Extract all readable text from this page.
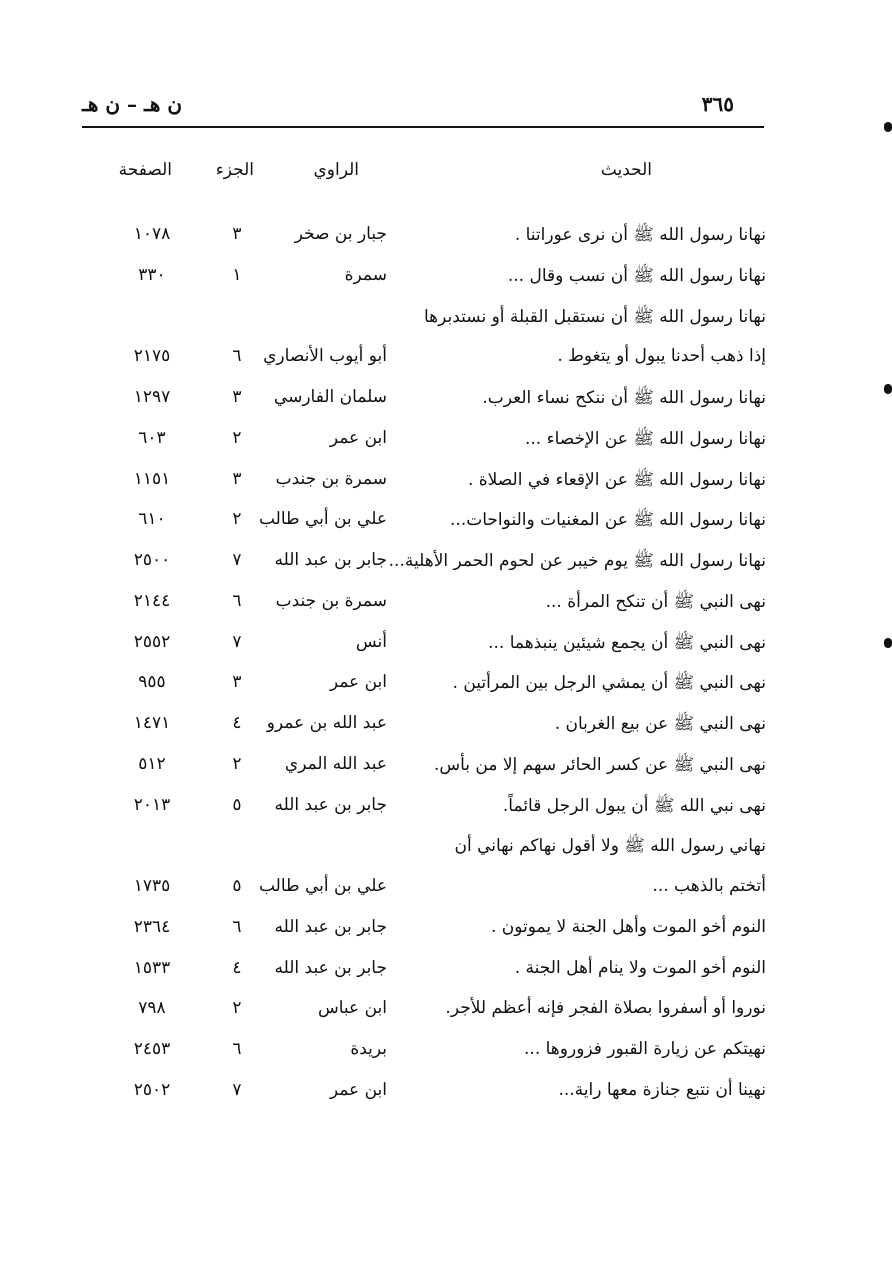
٣٦٥
ن هـ – ن هـ
الحديث
الراوي
الجزء
الصفحة
نهانا رسول الله ﷺ أن نرى عوراتنا .
جبار بن صخر
٣
١٠٧٨
نهانا رسول الله ﷺ أن نسب وقال ...
سمرة
١
٣٣٠
نهانا رسول الله ﷺ أن نستقبل القبلة أو نستدبرها
إذا ذهب أحدنا يبول أو يتغوط .
أبو أيوب الأنصاري
٦
٢١٧٥
نهانا رسول الله ﷺ أن ننكح نساء العرب.
سلمان الفارسي
٣
١٢٩٧
نهانا رسول الله ﷺ عن الإخصاء ...
ابن عمر
٢
٦٠٣
نهانا رسول الله ﷺ عن الإقعاء في الصلاة .
سمرة بن جندب
٣
١١٥١
نهانا رسول الله ﷺ عن المغنيات والنواحات...
علي بن أبي طالب
٢
٦١٠
نهانا رسول الله ﷺ يوم خيبر عن لحوم الحمر الأهلية...
جابر بن عبد الله
٧
٢٥٠٠
نهى النبي ﷺ أن تنكح المرأة ...
سمرة بن جندب
٦
٢١٤٤
نهى النبي ﷺ أن يجمع شيئين ينبذهما ...
أنس
٧
٢٥٥٢
نهى النبي ﷺ أن يمشي الرجل بين المرأتين .
ابن عمر
٣
٩٥٥
نهى النبي ﷺ عن بيع الغربان .
عبد الله بن عمرو
٤
١٤٧١
نهى النبي ﷺ عن كسر الحائر سهم إلا من بأس.
عبد الله المري
٢
٥١٢
نهى نبي الله ﷺ أن يبول الرجل قائماً.
جابر بن عبد الله
٥
٢٠١٣
نهاني رسول الله ﷺ ولا أقول نهاكم نهاني أن
أتختم بالذهب ...
علي بن أبي طالب
٥
١٧٣٥
النوم أخو الموت وأهل الجنة لا يموتون .
جابر بن عبد الله
٦
٢٣٦٤
النوم أخو الموت ولا ينام أهل الجنة .
جابر بن عبد الله
٤
١٥٣٣
نوروا أو أسفروا بصلاة الفجر فإنه أعظم للأجر.
ابن عباس
٢
٧٩٨
نهيتكم عن زيارة القبور فزوروها ...
بريدة
٦
٢٤٥٣
نهينا أن نتبع جنازة معها راية...
ابن عمر
٧
٢٥٠٢
